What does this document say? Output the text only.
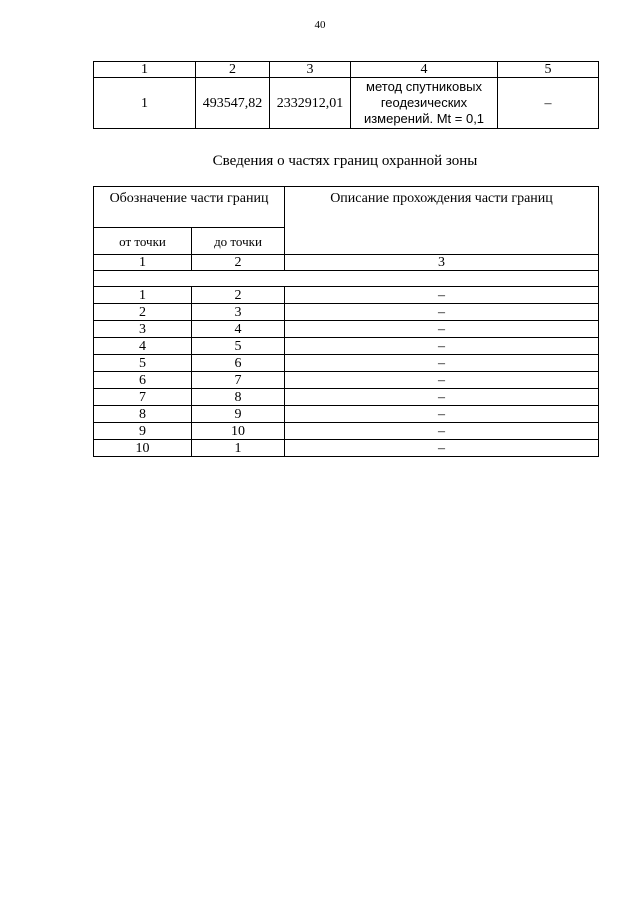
40
1	2	3	4	5
1	493547,82	2332912,01	метод спутниковых
геодезических
измерений. Mt = 0,1	–
Сведения о частях границ охранной зоны
Обозначение части границ		Описание прохождения части границ
от точки	до точки	
1	2	3

1	2	–
2	3	–
3	4	–
4	5	–
5	6	–
6	7	–
7	8	–
8	9	–
9	10	–
10	1	–
